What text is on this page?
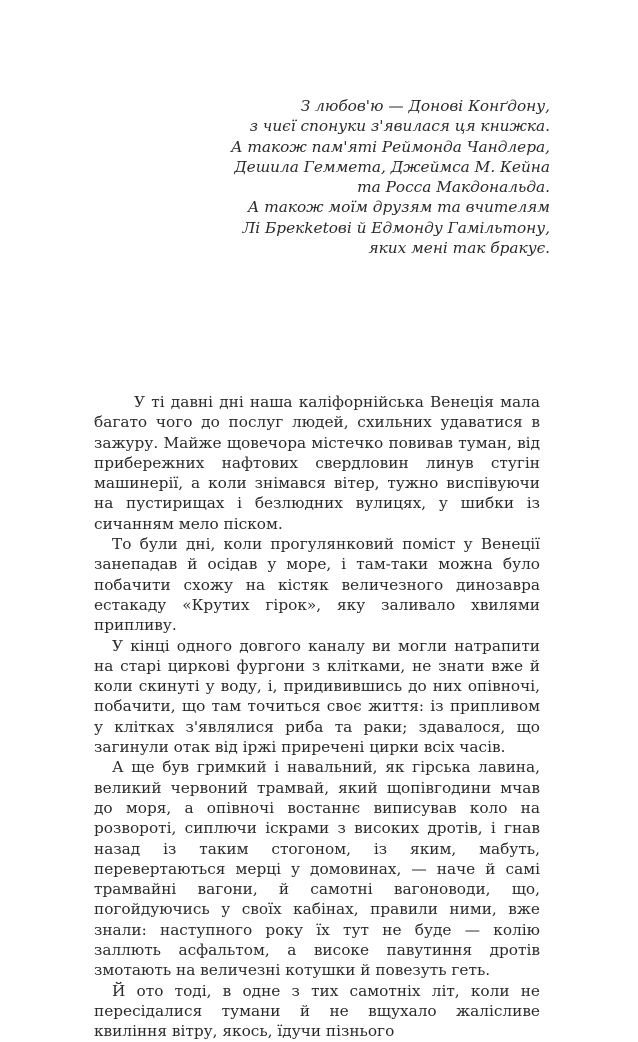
З любов'ю — Донові Конґдону,
з чиєї спонуки з'явилася ця книжка.
А також пам'яті Реймонда Чандлера,
Дешила Геммета, Джеймса М. Кейна
та Росса Макдональда.
А також моїм друзям та вчителям
Лі Брекketові й Едмонду Гамільтону,
яких мені так бракує.

У ті давні дні наша каліфорнійська Венеція мала багато чого до послуг людей, схильних удаватися в зажуру. Майже щовечора містечко повивав туман, від прибережних нафтових свердловин линув стугін машинерії, а коли знімався вітер, тужно виспівуючи на пустирищах і безлюдних вулицях, у шибки із сичанням мело піском.

То були дні, коли прогулянковий поміст у Венеції занепадав й осідав у море, і там-таки можна було побачити схожу на кістяк величезного динозавра естакаду «Крутих гірок», яку заливало хвилями припливу.

У кінці одного довгого каналу ви могли натрапити на старі циркові фургони з клітками, не знати вже й коли скинуті у воду, і, придивившись до них опівночі, побачити, що там точиться своє життя: із припливом у клітках з'являлися риба та раки; здавалося, що загинули отак від іржі приречені цирки всіх часів.

А ще був гримкий і навальний, як гірська лавина, великий червоний трамвай, який щопівгодини мчав до моря, а опівночі востаннє виписував коло на розвороті, сиплючи іскрами з високих дротів, і гнав назад із таким стогоном, із яким, мабуть, перевертаються мерці у домовинах, — наче й самі трамвайні вагони, й самотні вагоноводи, що, погойдуючись у своїх кабінах, правили ними, вже знали: наступного року їх тут не буде — колію заллють асфальтом, а високе павутиння дротів змотають на величезні котушки й повезуть геть.

Й ото тоді, в одне з тих самотніх літ, коли не пересідалися тумани й не вщухало жалісливе квиління вітру, якось, їдучи пізнього
